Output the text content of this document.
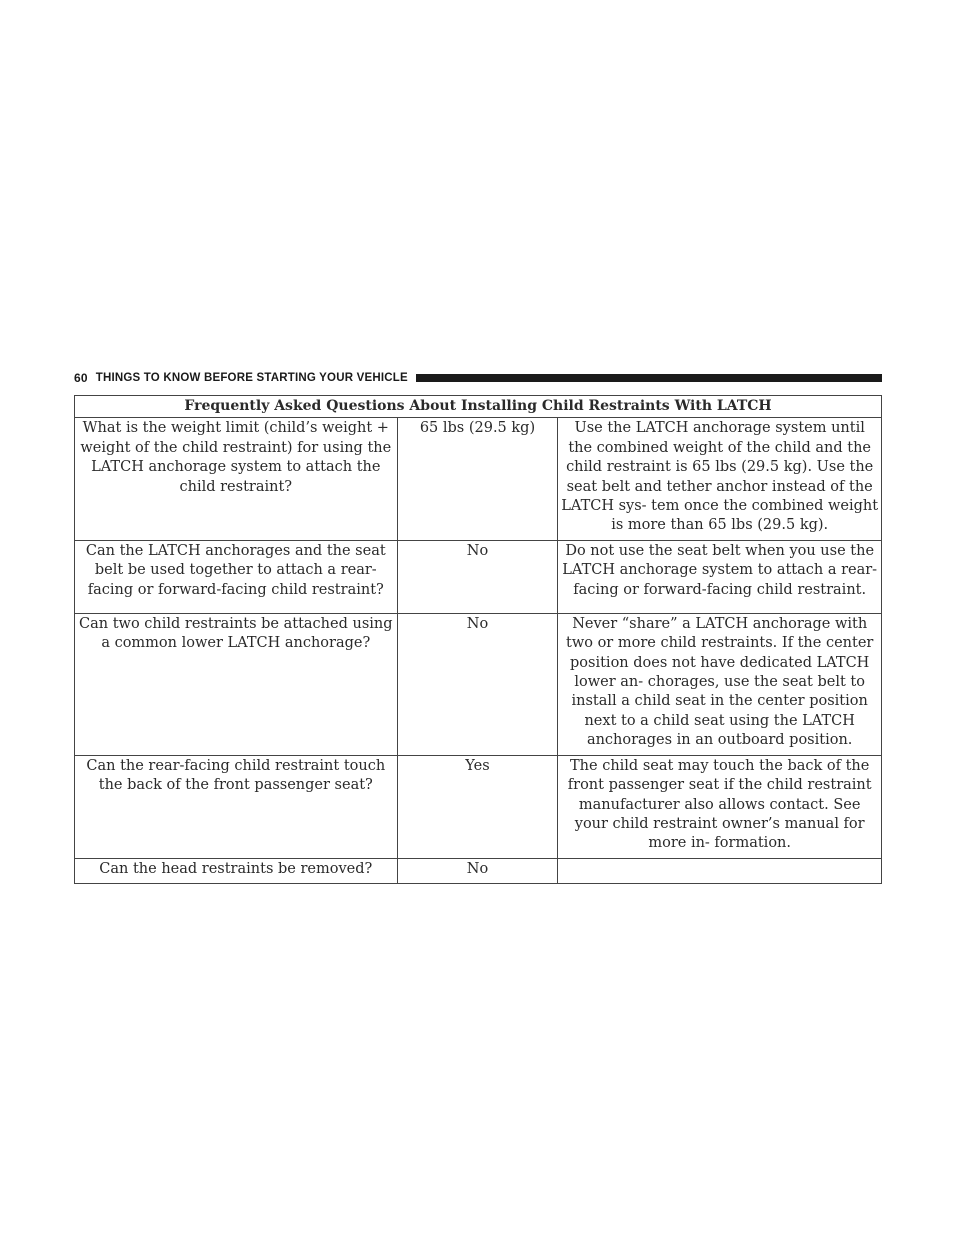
60 THINGS TO KNOW BEFORE STARTING YOUR VEHICLE
Frequently Asked Questions About Installing Child Restraints With LATCH		
What is the weight limit (child’s weight + weight of the child restraint) for using the LATCH anchorage system to attach the child restraint?	65 lbs (29.5 kg)	Use the LATCH anchorage system until the combined weight of the child and the child restraint is 65 lbs (29.5 kg). Use the seat belt and tether anchor instead of the LATCH sys- tem once the combined weight is more than 65 lbs (29.5 kg).
Can the LATCH anchorages and the seat belt be used together to attach a rear-facing or forward-facing child restraint?	No	Do not use the seat belt when you use the LATCH anchorage system to attach a rear- facing or forward-facing child restraint.
Can two child restraints be attached using a common lower LATCH anchorage?	No	Never “share” a LATCH anchorage with two or more child restraints. If the center position does not have dedicated LATCH lower an- chorages, use the seat belt to install a child seat in the center position next to a child seat using the LATCH anchorages in an outboard position.
Can the rear-facing child restraint touch the back of the front passenger seat?	Yes	The child seat may touch the back of the front passenger seat if the child restraint manufacturer also allows contact. See your child restraint owner’s manual for more in- formation.
Can the head restraints be removed?	No	
